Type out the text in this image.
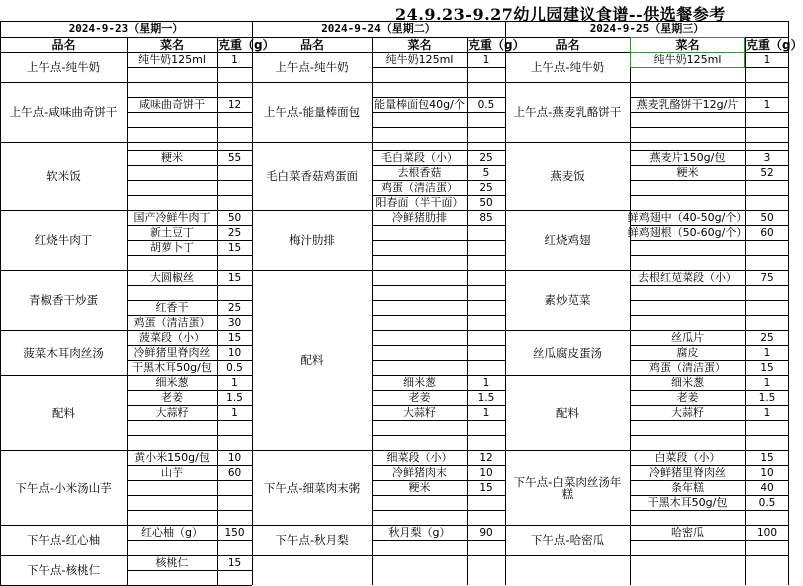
24.9.23-9.27幼儿园建议食谱--供选餐参考
2024-9-23（星期一）
品名	菜名	克重（g）
上午点-纯牛奶
纯牛奶125ml	1
上午点-咸味曲奇饼干
咸味曲奇饼干	12
软米饭
粳米	55
红烧牛肉丁
国产冷鲜牛肉丁	50
新土豆丁	25
胡萝卜丁	15
青椒香干炒蛋
大圆椒丝	15
红香干	25
鸡蛋（清洁蛋）	30
菠菜木耳肉丝汤
菠菜段（小）	15
冷鲜猪里脊肉丝	10
干黑木耳50g/包	0.5
配料
细米葱	1
老姜	1.5
大蒜籽	1
下午点-小米汤山芋
黄小米150g/包	10
山芋	60
下午点-红心柚
红心柚（g）	150
下午点-核桃仁
核桃仁	15
2024-9-24（星期二）
品名	菜名	克重（g）
上午点-纯牛奶
纯牛奶125ml	1
上午点-能量棒面包
能量棒面包40g/个	0.5
毛白菜香菇鸡蛋面
毛白菜段（小）	25
去根香菇	5
鸡蛋（清洁蛋）	25
阳春面（半干面）	50
梅汁肋排
冷鲜猪肋排	85
配料
细米葱	1
老姜	1.5
大蒜籽	1
下午点-细菜肉末粥
细菜段（小）	12
冷鲜猪肉末	10
粳米	15
下午点-秋月梨
秋月梨（g）	90
2024-9-25（星期三）
品名	菜名	克重（g）
上午点-纯牛奶
纯牛奶125ml	1
上午点-燕麦乳酪饼干
燕麦乳酪饼干12g/片	1
燕麦饭
燕麦片150g/包	3
粳米	52
红烧鸡翅
鲜鸡翅中（40-50g/个）	50
鲜鸡翅根（50-60g/个）	60
素炒苋菜
去根红苋菜段（小）	75
丝瓜腐皮蛋汤
丝瓜片	25
腐皮	1
鸡蛋（清洁蛋）	15
配料
细米葱	1
老姜	1.5
大蒜籽	1
下午点-白菜肉丝汤年糕
白菜段（小）	15
冷鲜猪里脊肉丝	10
条年糕	40
干黑木耳50g/包	0.5
下午点-哈密瓜
哈密瓜	100
